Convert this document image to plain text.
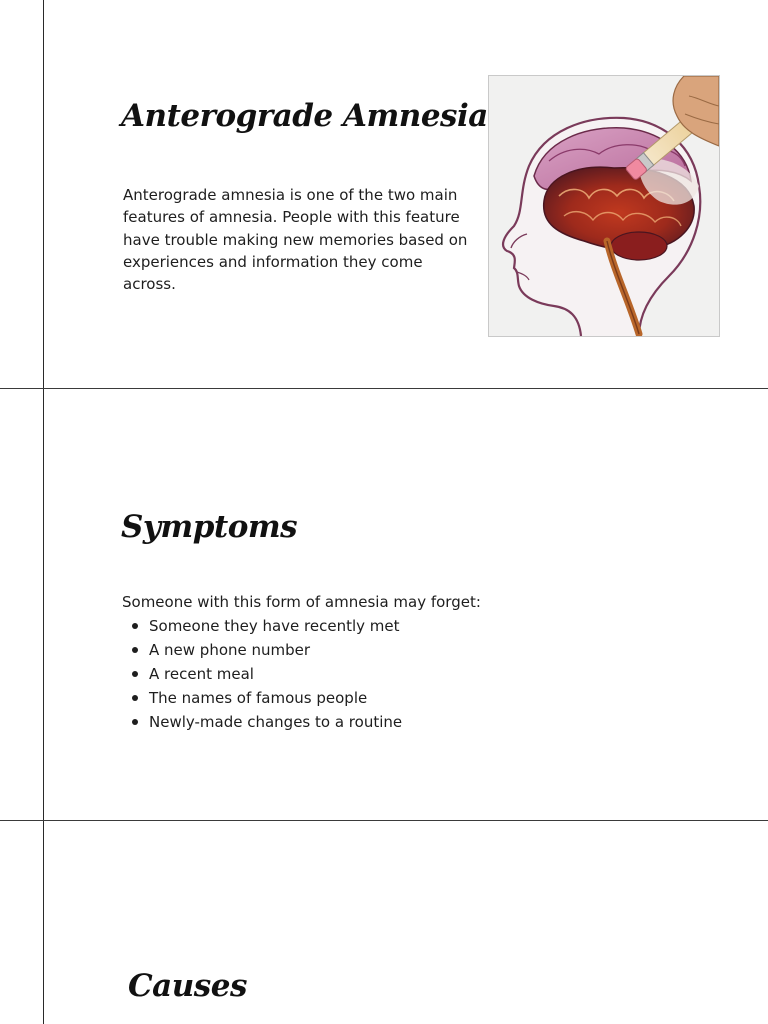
Anterograde Amnesia

Anterograde amnesia is one of the two main features of amnesia. People with this feature have trouble making new memories based on experiences and information they come across.

Symptoms

Someone with this form of amnesia may forget:

Someone they have recently met
A new phone number
A recent meal
The names of famous people
Newly-made changes to a routine
Causes
